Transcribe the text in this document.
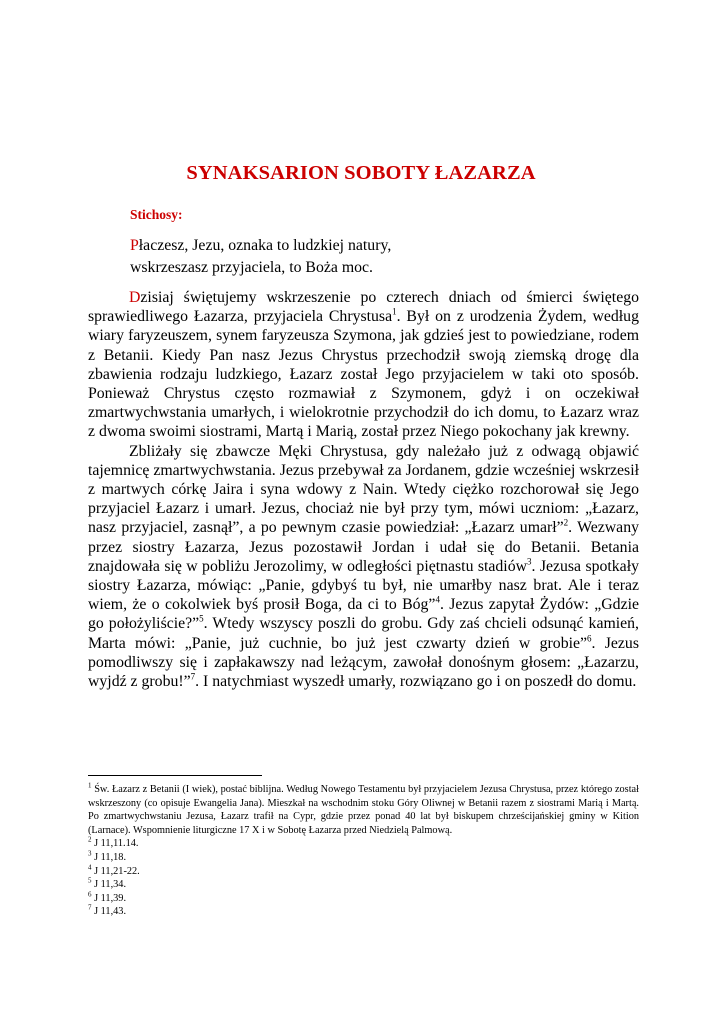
SYNAKSARION SOBOTY ŁAZARZA
Stichosy:
Płaczesz, Jezu, oznaka to ludzkiej natury,
wskrzeszasz przyjaciela, to Boża moc.

Dzisiaj świętujemy wskrzeszenie po czterech dniach od śmierci świętego sprawiedliwego Łazarza, przyjaciela Chrystusa$^1$. Był on z urodzenia Żydem, według wiary faryzeuszem, synem faryzeusza Szymona, jak gdzieś jest to powiedziane, rodem z Betanii. Kiedy Pan nasz Jezus Chrystus przechodził swoją ziemską drogę dla zbawienia rodzaju ludzkiego, Łazarz został Jego przyjacielem w taki oto sposób. Ponieważ Chrystus często rozmawiał z Szymonem, gdyż i on oczekiwał zmartwychwstania umarłych, i wielokrotnie przychodził do ich domu, to Łazarz wraz z dwoma swoimi siostrami, Martą i Marią, został przez Niego pokochany jak krewny.

Zbliżały się zbawcze Męki Chrystusa, gdy należało już z odwagą objawić tajemnicę zmartwychwstania. Jezus przebywał za Jordanem, gdzie wcześniej wskrzesił z martwych córkę Jaira i syna wdowy z Nain. Wtedy ciężko rozchorował się Jego przyjaciel Łazarz i umarł. Jezus, chociaż nie był przy tym, mówi uczniom: „Łazarz, nasz przyjaciel, zasnął”, a po pewnym czasie powiedział: „Łazarz umarł”$^2$. Wezwany przez siostry Łazarza, Jezus pozostawił Jordan i udał się do Betanii. Betania znajdowała się w pobliżu Jerozolimy, w odległości piętnastu stadiów$^3$. Jezusa spotkały siostry Łazarza, mówiąc: „Panie, gdybyś tu był, nie umarłby nasz brat. Ale i teraz wiem, że o cokolwiek byś prosił Boga, da ci to Bóg”$^4$. Jezus zapytał Żydów: „Gdzie go położyliście?”$^5$. Wtedy wszyscy poszli do grobu. Gdy zaś chcieli odsunąć kamień, Marta mówi: „Panie, już cuchnie, bo już jest czwarty dzień w grobie”$^6$. Jezus pomodliwszy się i zapłakawszy nad leżącym, zawołał donośnym głosem: „Łazarzu, wyjdź z grobu!”$^7$. I natychmiast wyszedł umarły, rozwiązano go i on poszedł do domu.

$^1$ Św. Łazarz z Betanii (I wiek), postać biblijna. Według Nowego Testamentu był przyjacielem Jezusa Chrystusa, przez którego został wskrzeszony (co opisuje Ewangelia Jana). Mieszkał na wschodnim stoku Góry Oliwnej w Betanii razem z siostrami Marią i Martą. Po zmartwychwstaniu Jezusa, Łazarz trafił na Cypr, gdzie przez ponad 40 lat był biskupem chrześcijańskiej gminy w Kition (Larnace). Wspomnienie liturgiczne 17 X i w Sobotę Łazarza przed Niedzielą Palmową.

$^2$ J 11,11.14.

$^3$ J 11,18.

$^4$ J 11,21-22.

$^5$ J 11,34.

$^6$ J 11,39.

$^7$ J 11,43.
